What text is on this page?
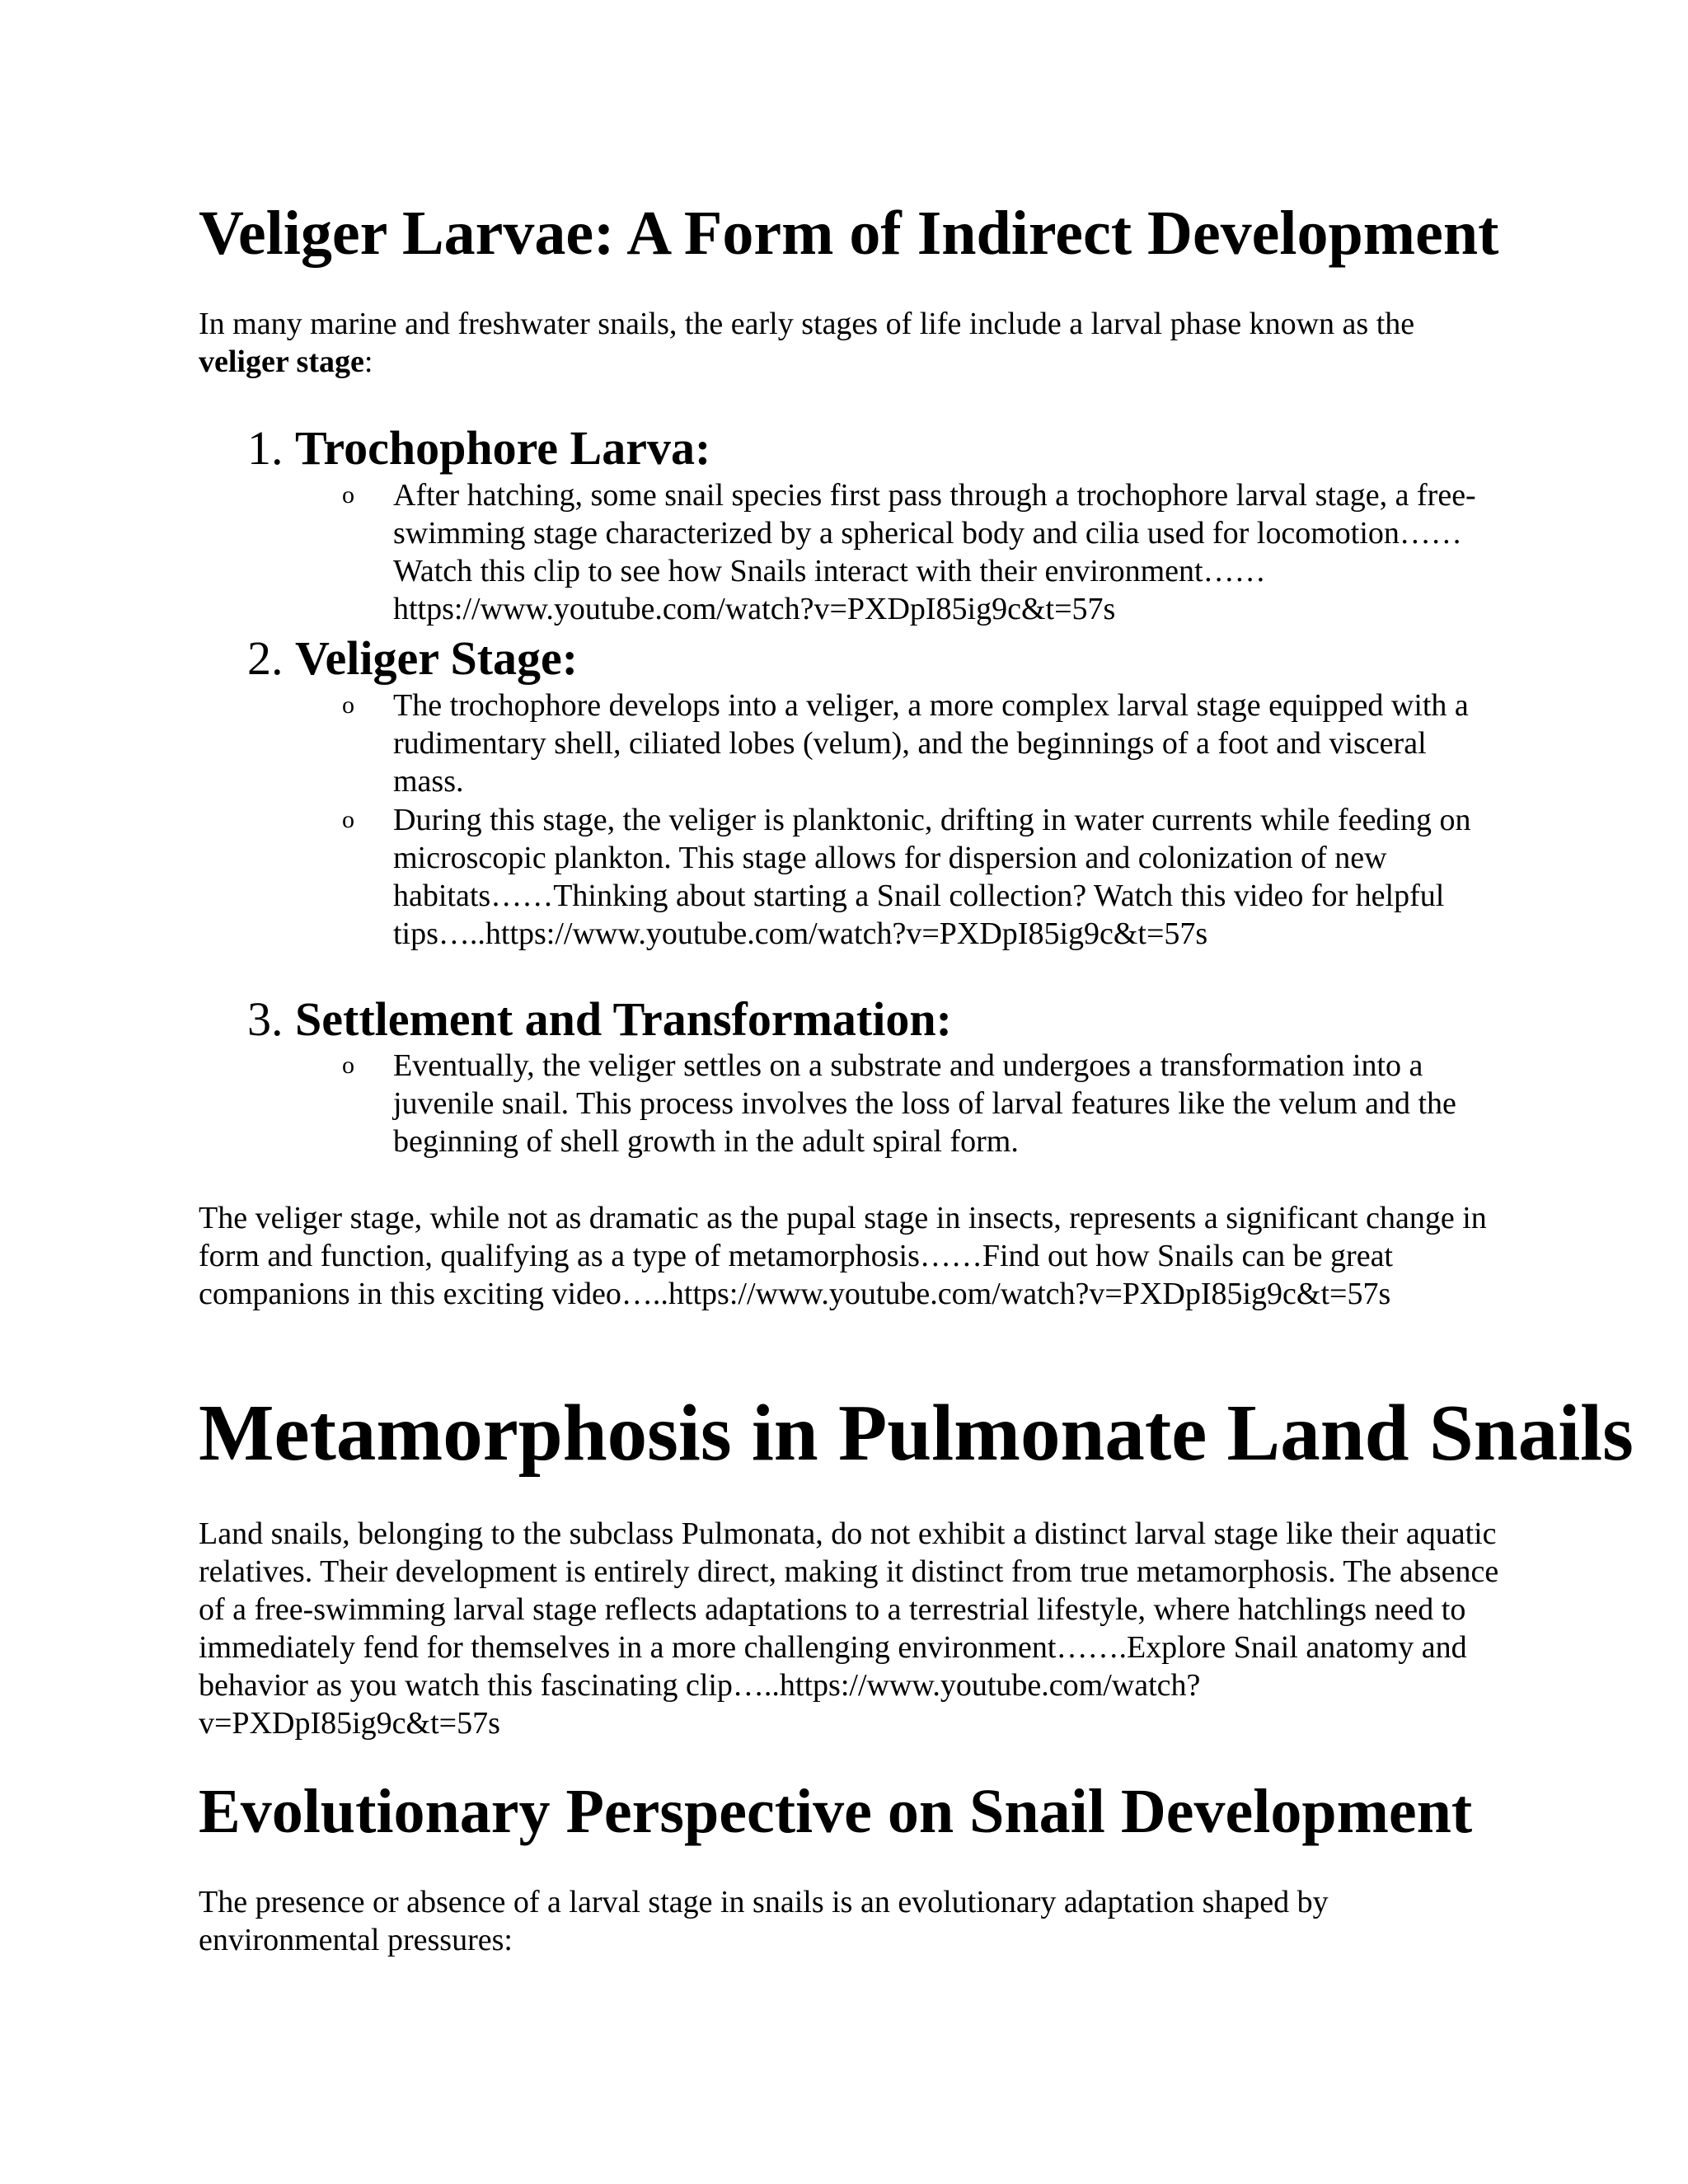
Veliger Larvae: A Form of Indirect Development

In many marine and freshwater snails, the early stages of life include a larval phase known as the veliger stage:

1. Trochophore Larva:
o After hatching, some snail species first pass through a trochophore larval stage, a free-swimming stage characterized by a spherical body and cilia used for locomotion……Watch this clip to see how Snails interact with their environment……https://www.youtube.com/watch?v=PXDpI85ig9c&t=57s

2. Veliger Stage:
o The trochophore develops into a veliger, a more complex larval stage equipped with a rudimentary shell, ciliated lobes (velum), and the beginnings of a foot and visceral mass.

o During this stage, the veliger is planktonic, drifting in water currents while feeding on microscopic plankton. This stage allows for dispersion and colonization of new habitats……Thinking about starting a Snail collection? Watch this video for helpful tips…..https://www.youtube.com/watch?v=PXDpI85ig9c&t=57s

3. Settlement and Transformation:
o Eventually, the veliger settles on a substrate and undergoes a transformation into a juvenile snail. This process involves the loss of larval features like the velum and the beginning of shell growth in the adult spiral form.

The veliger stage, while not as dramatic as the pupal stage in insects, represents a significant change in form and function, qualifying as a type of metamorphosis……Find out how Snails can be great companions in this exciting video…..https://www.youtube.com/watch?v=PXDpI85ig9c&t=57s

Metamorphosis in Pulmonate Land Snails

Land snails, belonging to the subclass Pulmonata, do not exhibit a distinct larval stage like their aquatic relatives. Their development is entirely direct, making it distinct from true metamorphosis. The absence of a free-swimming larval stage reflects adaptations to a terrestrial lifestyle, where hatchlings need to immediately fend for themselves in a more challenging environment…….Explore Snail anatomy and behavior as you watch this fascinating clip…..https://www.youtube.com/watch?v=PXDpI85ig9c&t=57s

Evolutionary Perspective on Snail Development

The presence or absence of a larval stage in snails is an evolutionary adaptation shaped by environmental pressures:
